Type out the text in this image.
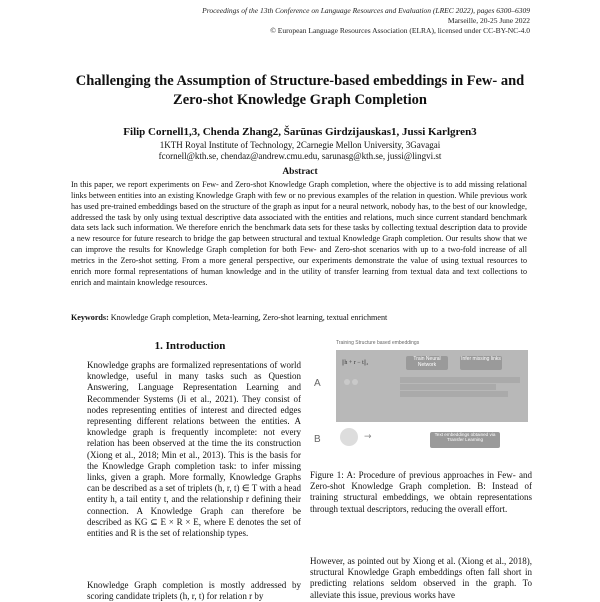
Proceedings of the 13th Conference on Language Resources and Evaluation (LREC 2022), pages 6300–6309
Marseille, 20-25 June 2022
© European Language Resources Association (ELRA), licensed under CC-BY-NC-4.0
Challenging the Assumption of Structure-based embeddings in Few- and
Zero-shot Knowledge Graph Completion
Filip Cornell1,3, Chenda Zhang2, Šarūnas Girdzijauskas1, Jussi Karlgren3
1KTH Royal Institute of Technology, 2Carnegie Mellon University, 3Gavagai
fcornell@kth.se, chendaz@andrew.cmu.edu, sarunasg@kth.se, jussi@lingvi.st
Abstract
In this paper, we report experiments on Few- and Zero-shot Knowledge Graph completion, where the objective is to add missing relational links between entities into an existing Knowledge Graph with few or no previous examples of the relation in question. While previous work has used pre-trained embeddings based on the structure of the graph as input for a neural network, nobody has, to the best of our knowledge, addressed the task by only using textual descriptive data associated with the entities and relations, much since current standard benchmark data sets lack such information. We therefore enrich the benchmark data sets for these tasks by collecting textual description data to provide a new resource for future research to bridge the gap between structural and textual Knowledge Graph completion. Our results show that we can improve the results for Knowledge Graph completion for both Few- and Zero-shot scenarios with up to a two-fold increase of all metrics in the Zero-shot setting. From a more general perspective, our experiments demonstrate the value of using textual resources to enrich more formal representations of human knowledge and in the utility of transfer learning from textual data and text collections to enrich and maintain knowledge resources.
Keywords: Knowledge Graph completion, Meta-learning, Zero-shot learning, textual enrichment
1. Introduction
Knowledge graphs are formalized representations of world knowledge, useful in many tasks such as Question Answering, Language Representation Learning and Recommender Systems (Ji et al., 2021). They consist of nodes representing entities of interest and directed edges representing different relations between the entities. A knowledge graph is frequently incomplete: not every relation has been observed at the time the its construction (Xiong et al., 2018; Min et al., 2013). This is the basis for the Knowledge Graph completion task: to infer missing links, given a graph. More formally, Knowledge Graphs can be described as a set of triplets (h, r, t) ∈ T with a head entity h, a tail entity t, and the relationship r defining their connection. A Knowledge Graph can therefore be described as KG ⊆ E × R × E, where E denotes the set of entities and R is the set of relationship types.
Knowledge Graph completion is mostly addressed by scoring candidate triplets (h, r, t) for relation r by
Training Structure based embeddings
||h + r − t||₂
Train Neural Network
Infer missing links
A
B	→	Text embeddings obtained via Transfer Learning
Figure 1: A: Procedure of previous approaches in Few- and Zero-shot Knowledge Graph completion. B: Instead of training structural embeddings, we obtain representations through textual descriptors, reducing the overall effort.
However, as pointed out by Xiong et al. (Xiong et al., 2018), structural Knowledge Graph embeddings often fall short in predicting relations seldom observed in the graph. To alleviate this issue, previous works have
